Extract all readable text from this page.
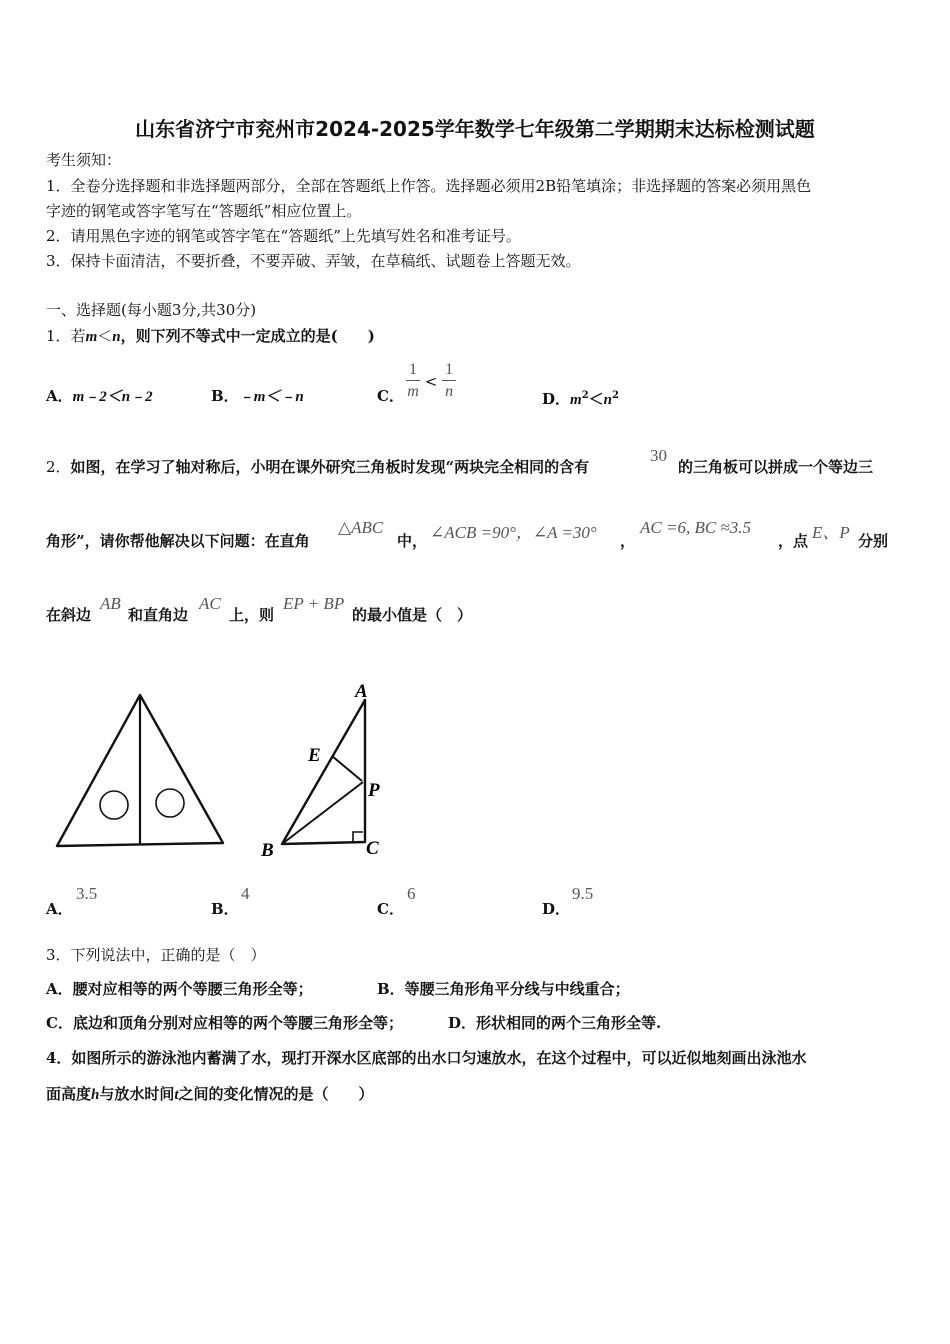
山东省济宁市兖州市2024-2025学年数学七年级第二学期期末达标检测试题
考生须知：
1．全卷分选择题和非选择题两部分，全部在答题纸上作答。选择题必须用2B铅笔填涂；非选择题的答案必须用黑色
字迹的钢笔或答字笔写在“答题纸”相应位置上。
2．请用黑色字迹的钢笔或答字笔在“答题纸”上先填写姓名和准考证号。
3．保持卡面清洁，不要折叠，不要弄破、弄皱，在草稿纸、试题卷上答题无效。
一、选择题(每小题3分,共30分)
1．若m＜n，则下列不等式中一定成立的是(　　)
A．m﹣2＜n﹣2	B．﹣m＜﹣n	C． $\frac{1}{m} < \frac{1}{n}$	D．$m^2<n^2$
2．如图，在学习了轴对称后，小明在课外研究三角板时发现“两块完全相同的含有
30
的三角板可以拼成一个等边三
角形”，请你帮他解决以下问题：在直角
△ABC
中， ∠ACB =90°，∠A =30° ，
AC =6, BC ≈3.5
，点 E、P 分别
在斜边
AB
和直角边
AC
上，则
EP + BP
的最小值是（　）
A
E
P
B	C
A．
3.5
B．
4
C．
6
D．
9.5
3．下列说法中，正确的是（　）
A．腰对应相等的两个等腰三角形全等；	B．等腰三角形角平分线与中线重合；
C．底边和顶角分别对应相等的两个等腰三角形全等；	D．形状相同的两个三角形全等.
4．如图所示的游泳池内蓄满了水，现打开深水区底部的出水口匀速放水，在这个过程中，可以近似地刻画出泳池水
面高度h与放水时间t之间的变化情况的是（　　）
